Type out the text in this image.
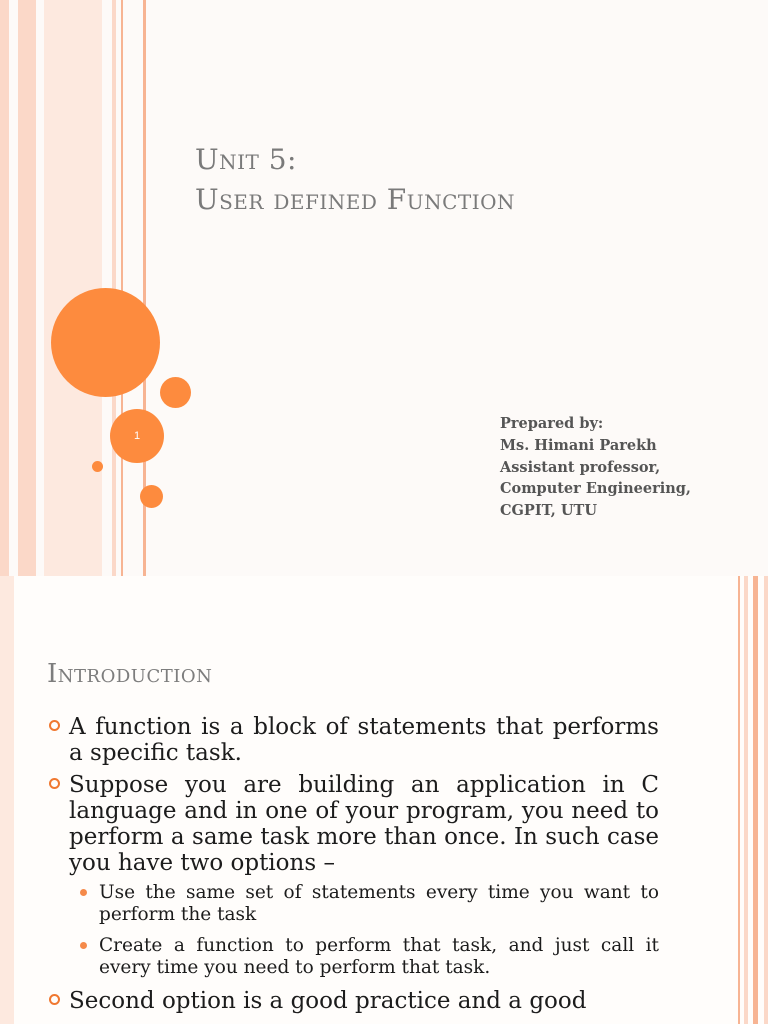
1
Unit 5:
User defined Function
Prepared by:
Ms. Himani Parekh
Assistant professor,
Computer Engineering,
CGPIT, UTU
Introduction
A function is a block of statements that performs a specific task.
Suppose you are building an application in C language and in one of your program, you need to perform a same task more than once. In such case you have two options –
Use the same set of statements every time you want to perform the task
Create a function to perform that task, and just call it every time you need to perform that task.
Second option is a good practice and a good
